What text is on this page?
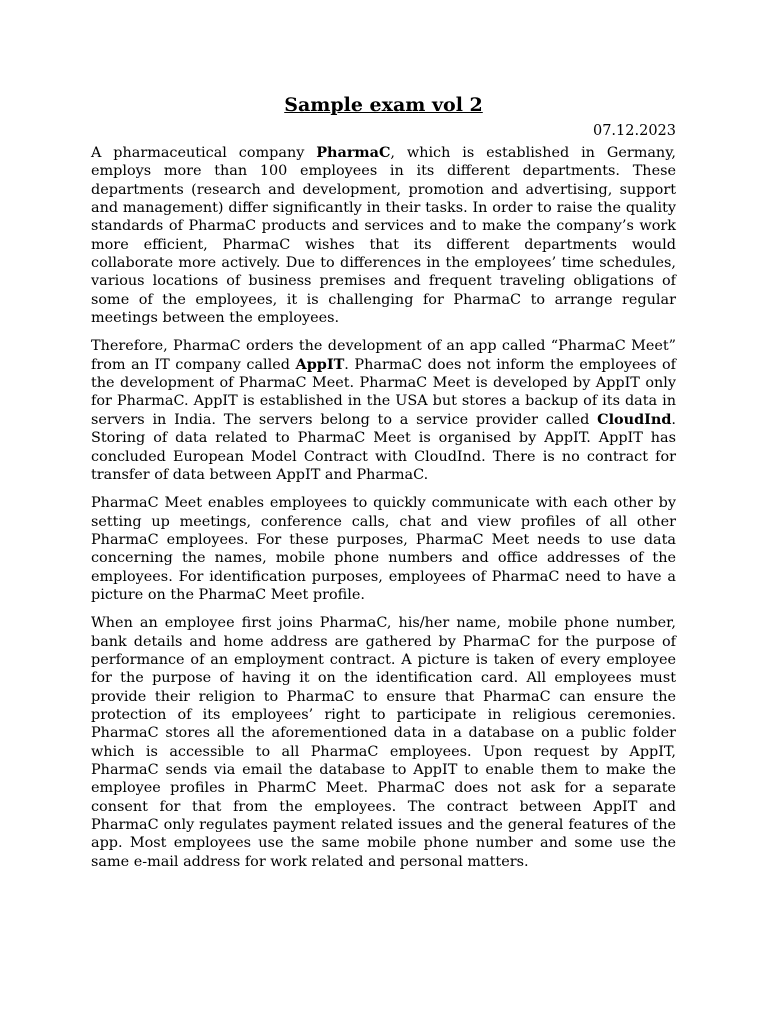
Sample exam vol 2
07.12.2023

A pharmaceutical company PharmaC, which is established in Germany, employs more than 100 employees in its different departments. These departments (research and development, promotion and advertising, support and management) differ significantly in their tasks. In order to raise the quality standards of PharmaC products and services and to make the company’s work more efficient, PharmaC wishes that its different departments would collaborate more actively. Due to differences in the employees’ time schedules, various locations of business premises and frequent traveling obligations of some of the employees, it is challenging for PharmaC to arrange regular meetings between the employees.

Therefore, PharmaC orders the development of an app called “PharmaC Meet” from an IT company called AppIT. PharmaC does not inform the employees of the development of PharmaC Meet. PharmaC Meet is developed by AppIT only for PharmaC. AppIT is established in the USA but stores a backup of its data in servers in India. The servers belong to a service provider called CloudInd. Storing of data related to PharmaC Meet is organised by AppIT. AppIT has concluded European Model Contract with CloudInd. There is no contract for transfer of data between AppIT and PharmaC.

PharmaC Meet enables employees to quickly communicate with each other by setting up meetings, conference calls, chat and view profiles of all other PharmaC employees. For these purposes, PharmaC Meet needs to use data concerning the names, mobile phone numbers and office addresses of the employees. For identification purposes, employees of PharmaC need to have a picture on the PharmaC Meet profile.

When an employee first joins PharmaC, his/her name, mobile phone number, bank details and home address are gathered by PharmaC for the purpose of performance of an employment contract. A picture is taken of every employee for the purpose of having it on the identification card. All employees must provide their religion to PharmaC to ensure that PharmaC can ensure the protection of its employees’ right to participate in religious ceremonies. PharmaC stores all the aforementioned data in a database on a public folder which is accessible to all PharmaC employees. Upon request by AppIT, PharmaC sends via email the database to AppIT to enable them to make the employee profiles in PharmC Meet. PharmaC does not ask for a separate consent for that from the employees. The contract between AppIT and PharmaC only regulates payment related issues and the general features of the app. Most employees use the same mobile phone number and some use the same e-mail address for work related and personal matters.
